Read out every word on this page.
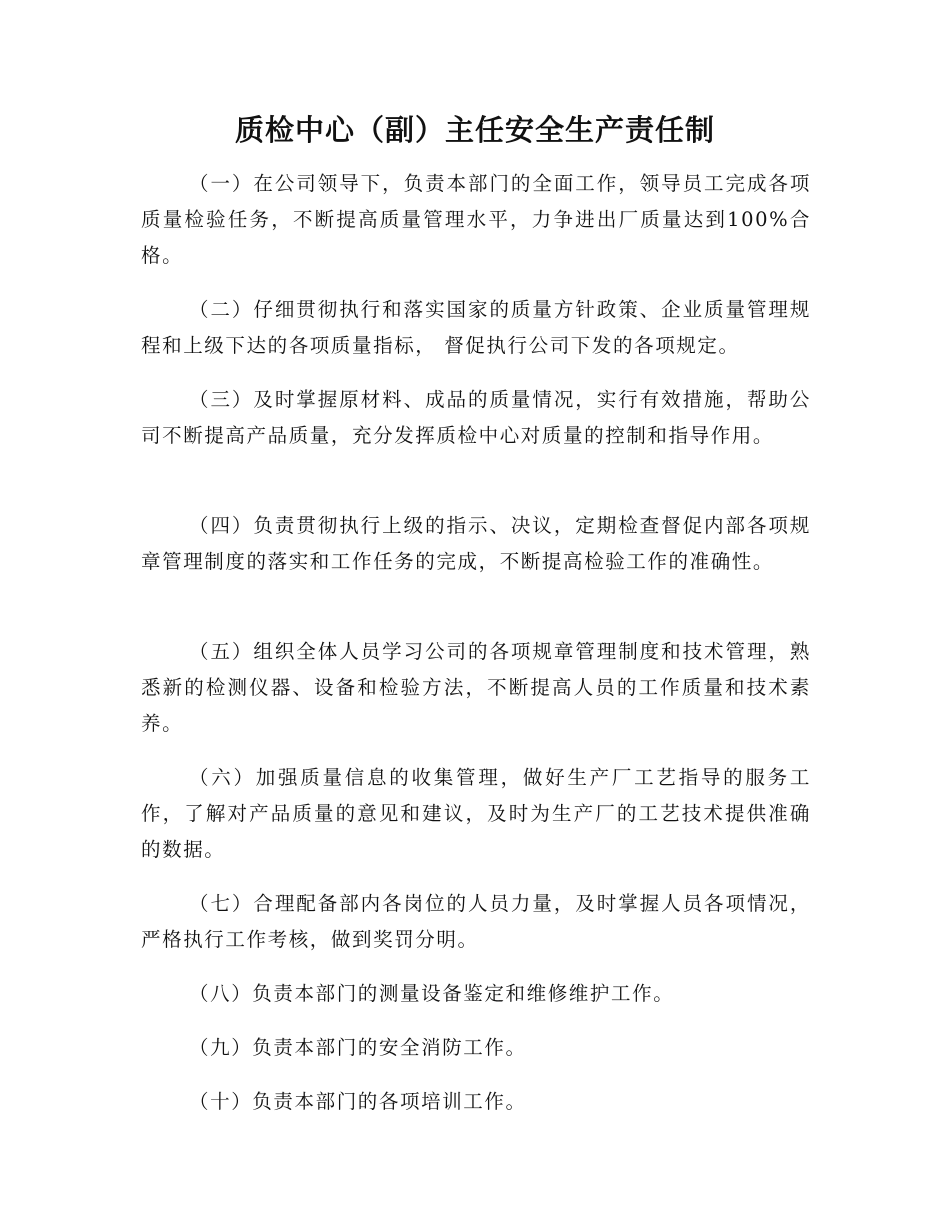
质检中心（副）主任安全生产责任制

（一）在公司领导下，负责本部门的全面工作，领导员工完成各项质量检验任务，不断提高质量管理水平，力争进出厂质量达到100%合格。

（二）仔细贯彻执行和落实国家的质量方针政策、企业质量管理规程和上级下达的各项质量指标， 督促执行公司下发的各项规定。

（三）及时掌握原材料、成品的质量情况，实行有效措施，帮助公司不断提高产品质量，充分发挥质检中心对质量的控制和指导作用。

（四）负责贯彻执行上级的指示、决议，定期检查督促内部各项规章管理制度的落实和工作任务的完成，不断提高检验工作的准确性。

（五）组织全体人员学习公司的各项规章管理制度和技术管理，熟悉新的检测仪器、设备和检验方法，不断提高人员的工作质量和技术素养。

（六）加强质量信息的收集管理，做好生产厂工艺指导的服务工作，了解对产品质量的意见和建议，及时为生产厂的工艺技术提供准确的数据。

（七）合理配备部内各岗位的人员力量，及时掌握人员各项情况，严格执行工作考核，做到奖罚分明。

（八）负责本部门的测量设备鉴定和维修维护工作。

（九）负责本部门的安全消防工作。

（十）负责本部门的各项培训工作。
